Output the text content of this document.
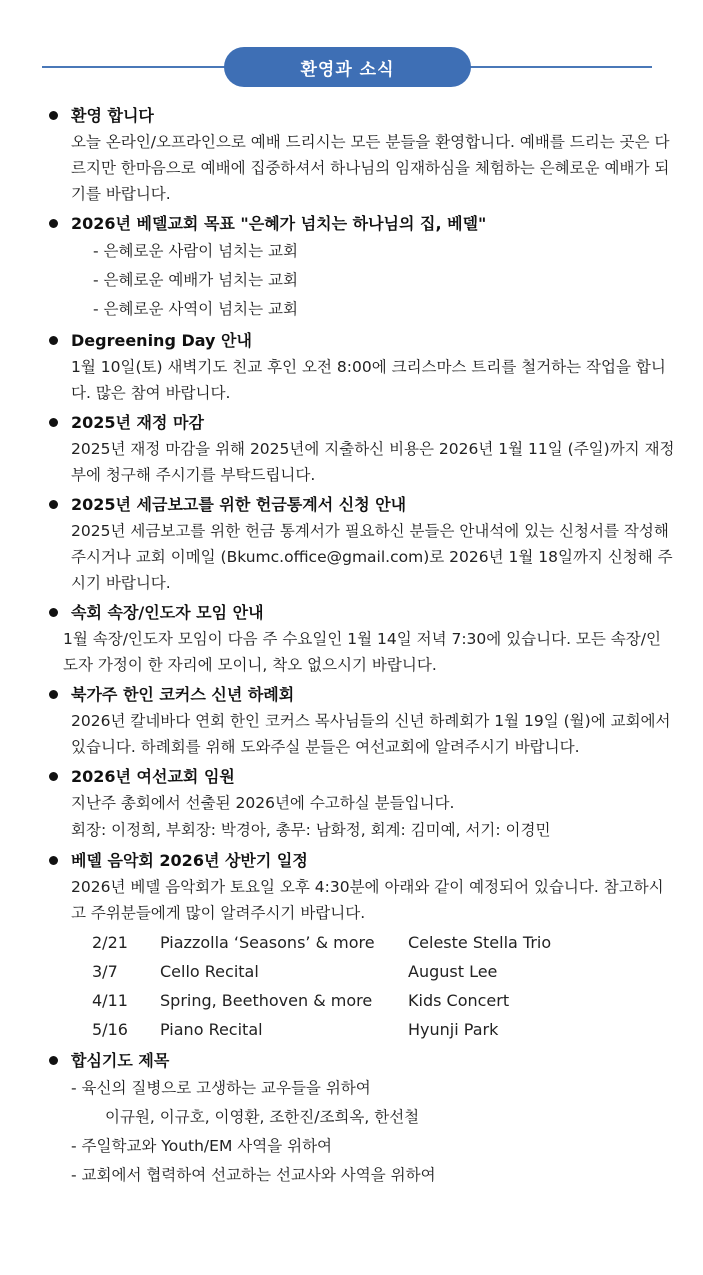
환영과 소식
환영 합니다
오늘 온라인/오프라인으로 예배 드리시는 모든 분들을 환영합니다. 예배를 드리는 곳은 다르지만 한마음으로 예배에 집중하셔서 하나님의 임재하심을 체험하는 은혜로운 예배가 되기를 바랍니다.
2026년 베델교회 목표 "은혜가 넘치는 하나님의 집, 베델"
- 은혜로운 사람이 넘치는 교회
- 은혜로운 예배가 넘치는 교회
- 은혜로운 사역이 넘치는 교회
Degreening Day 안내
1월 10일(토) 새벽기도 친교 후인 오전 8:00에 크리스마스 트리를 철거하는 작업을 합니다. 많은 참여 바랍니다.
2025년 재정 마감
2025년 재정 마감을 위해 2025년에 지출하신 비용은 2026년 1월 11일 (주일)까지 재정부에 청구해 주시기를 부탁드립니다.
2025년 세금보고를 위한 헌금통계서 신청 안내
2025년 세금보고를 위한 헌금 통계서가 필요하신 분들은 안내석에 있는 신청서를 작성해 주시거나 교회 이메일 (Bkumc.office@gmail.com)로 2026년 1월 18일까지 신청해 주시기 바랍니다.
속회 속장/인도자 모임 안내
1월 속장/인도자 모임이 다음 주 수요일인 1월 14일 저녁 7:30에 있습니다. 모든 속장/인도자 가정이 한 자리에 모이니, 착오 없으시기 바랍니다.
북가주 한인 코커스 신년 하례회
2026년 칼네바다 연회 한인 코커스 목사님들의 신년 하례회가 1월 19일 (월)에 교회에서 있습니다. 하례회를 위해 도와주실 분들은 여선교회에 알려주시기 바랍니다.
2026년 여선교회 임원
지난주 총회에서 선출된 2026년에 수고하실 분들입니다.
회장: 이정희, 부회장: 박경아, 총무: 남화정, 회계: 김미예, 서기: 이경민
베델 음악회 2026년 상반기 일정
2026년 베델 음악회가 토요일 오후 4:30분에 아래와 같이 예정되어 있습니다. 참고하시고 주위분들에게 많이 알려주시기 바랍니다.
2/21	Piazzolla ‘Seasons’ & more	Celeste Stella Trio
3/7	Cello Recital	August Lee
4/11	Spring, Beethoven & more	Kids Concert
5/16	Piano Recital	Hyunji Park
합심기도 제목
- 육신의 질병으로 고생하는 교우들을 위하여
이규원, 이규호, 이영환, 조한진/조희옥, 한선철
- 주일학교와 Youth/EM 사역을 위하여
- 교회에서 협력하여 선교하는 선교사와 사역을 위하여
